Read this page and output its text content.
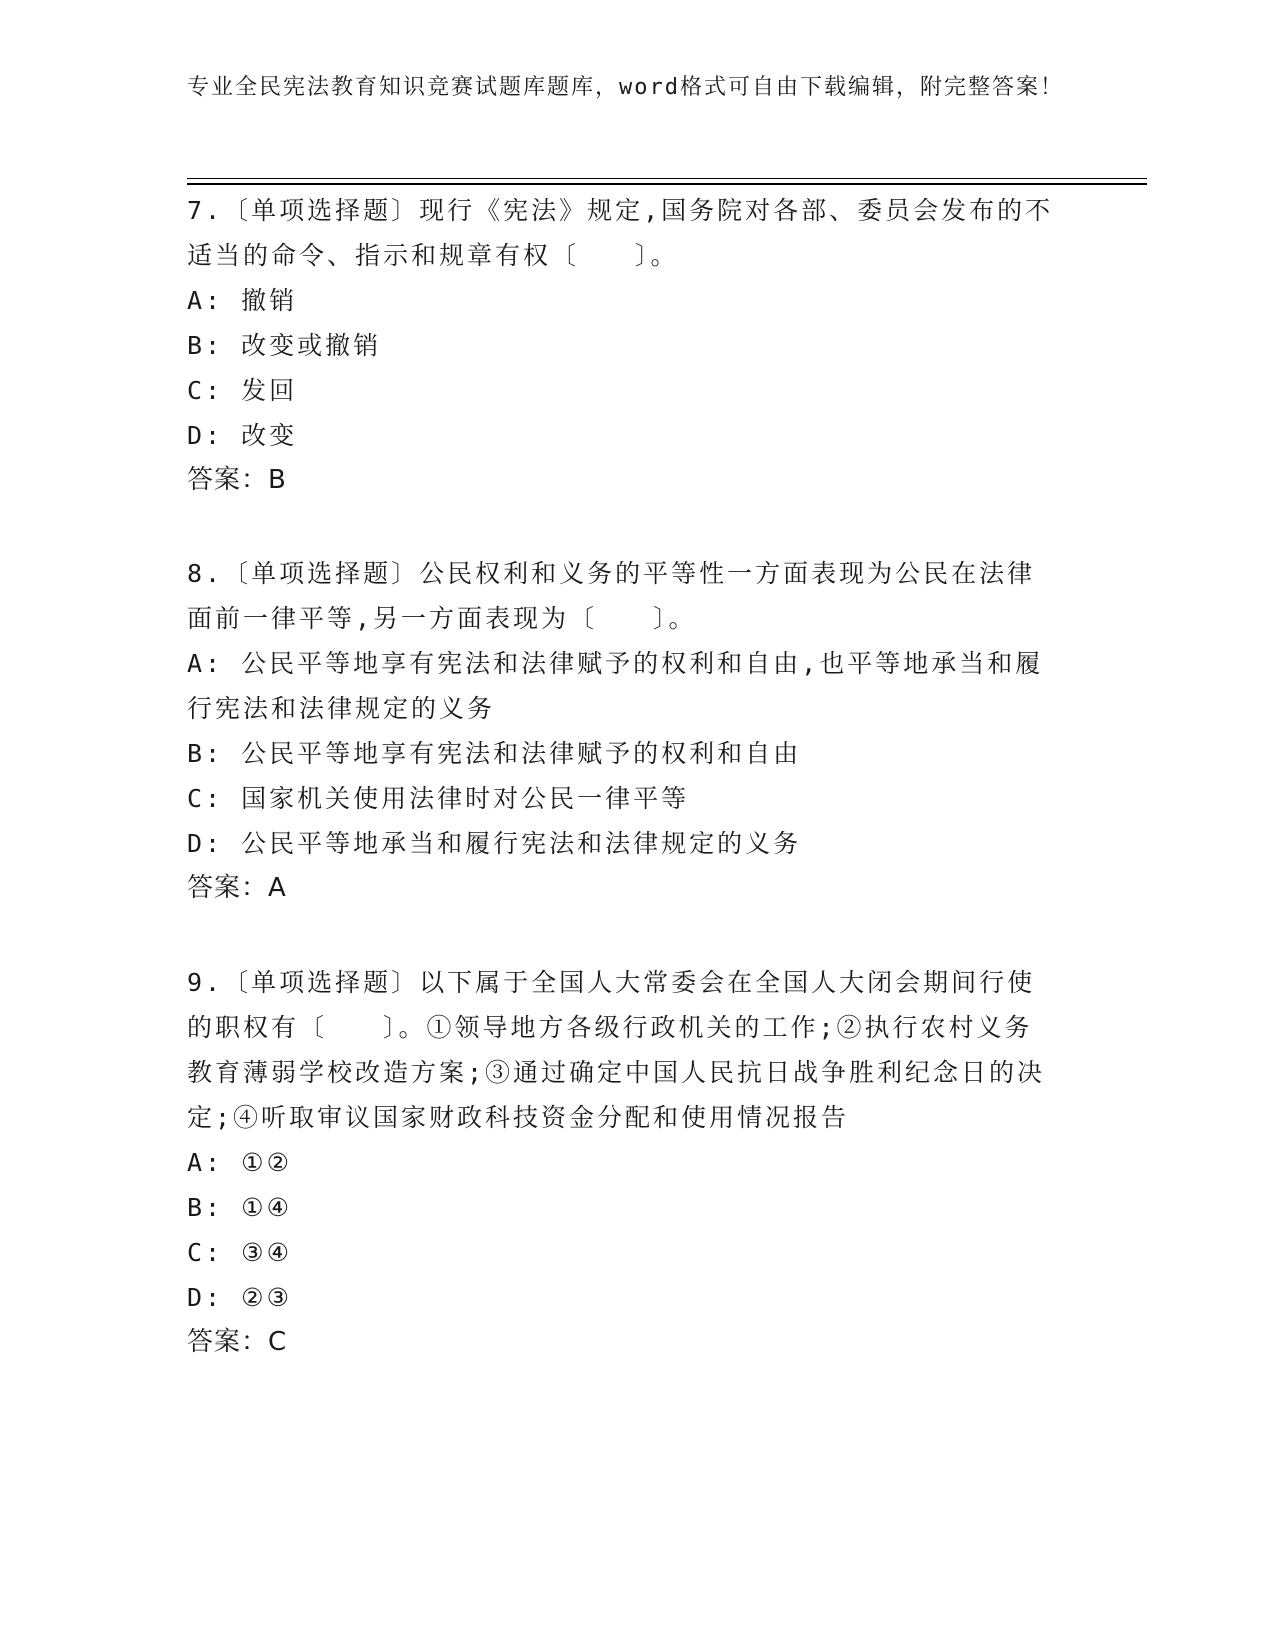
专业全民宪法教育知识竞赛试题库题库，word格式可自由下载编辑，附完整答案！
7.〔单项选择题〕现行《宪法》规定,国务院对各部、委员会发布的不
适当的命令、指示和规章有权〔　　〕。
A: 撤销
B: 改变或撤销
C: 发回
D: 改变
答案：B
8.〔单项选择题〕公民权利和义务的平等性一方面表现为公民在法律
面前一律平等,另一方面表现为〔　　〕。
A: 公民平等地享有宪法和法律赋予的权利和自由,也平等地承当和履
行宪法和法律规定的义务
B: 公民平等地享有宪法和法律赋予的权利和自由
C: 国家机关使用法律时对公民一律平等
D: 公民平等地承当和履行宪法和法律规定的义务
答案：A
9.〔单项选择题〕以下属于全国人大常委会在全国人大闭会期间行使
的职权有〔　　〕。①领导地方各级行政机关的工作;②执行农村义务
教育薄弱学校改造方案;③通过确定中国人民抗日战争胜利纪念日的决
定;④听取审议国家财政科技资金分配和使用情况报告
A: ①②
B: ①④
C: ③④
D: ②③
答案：C
